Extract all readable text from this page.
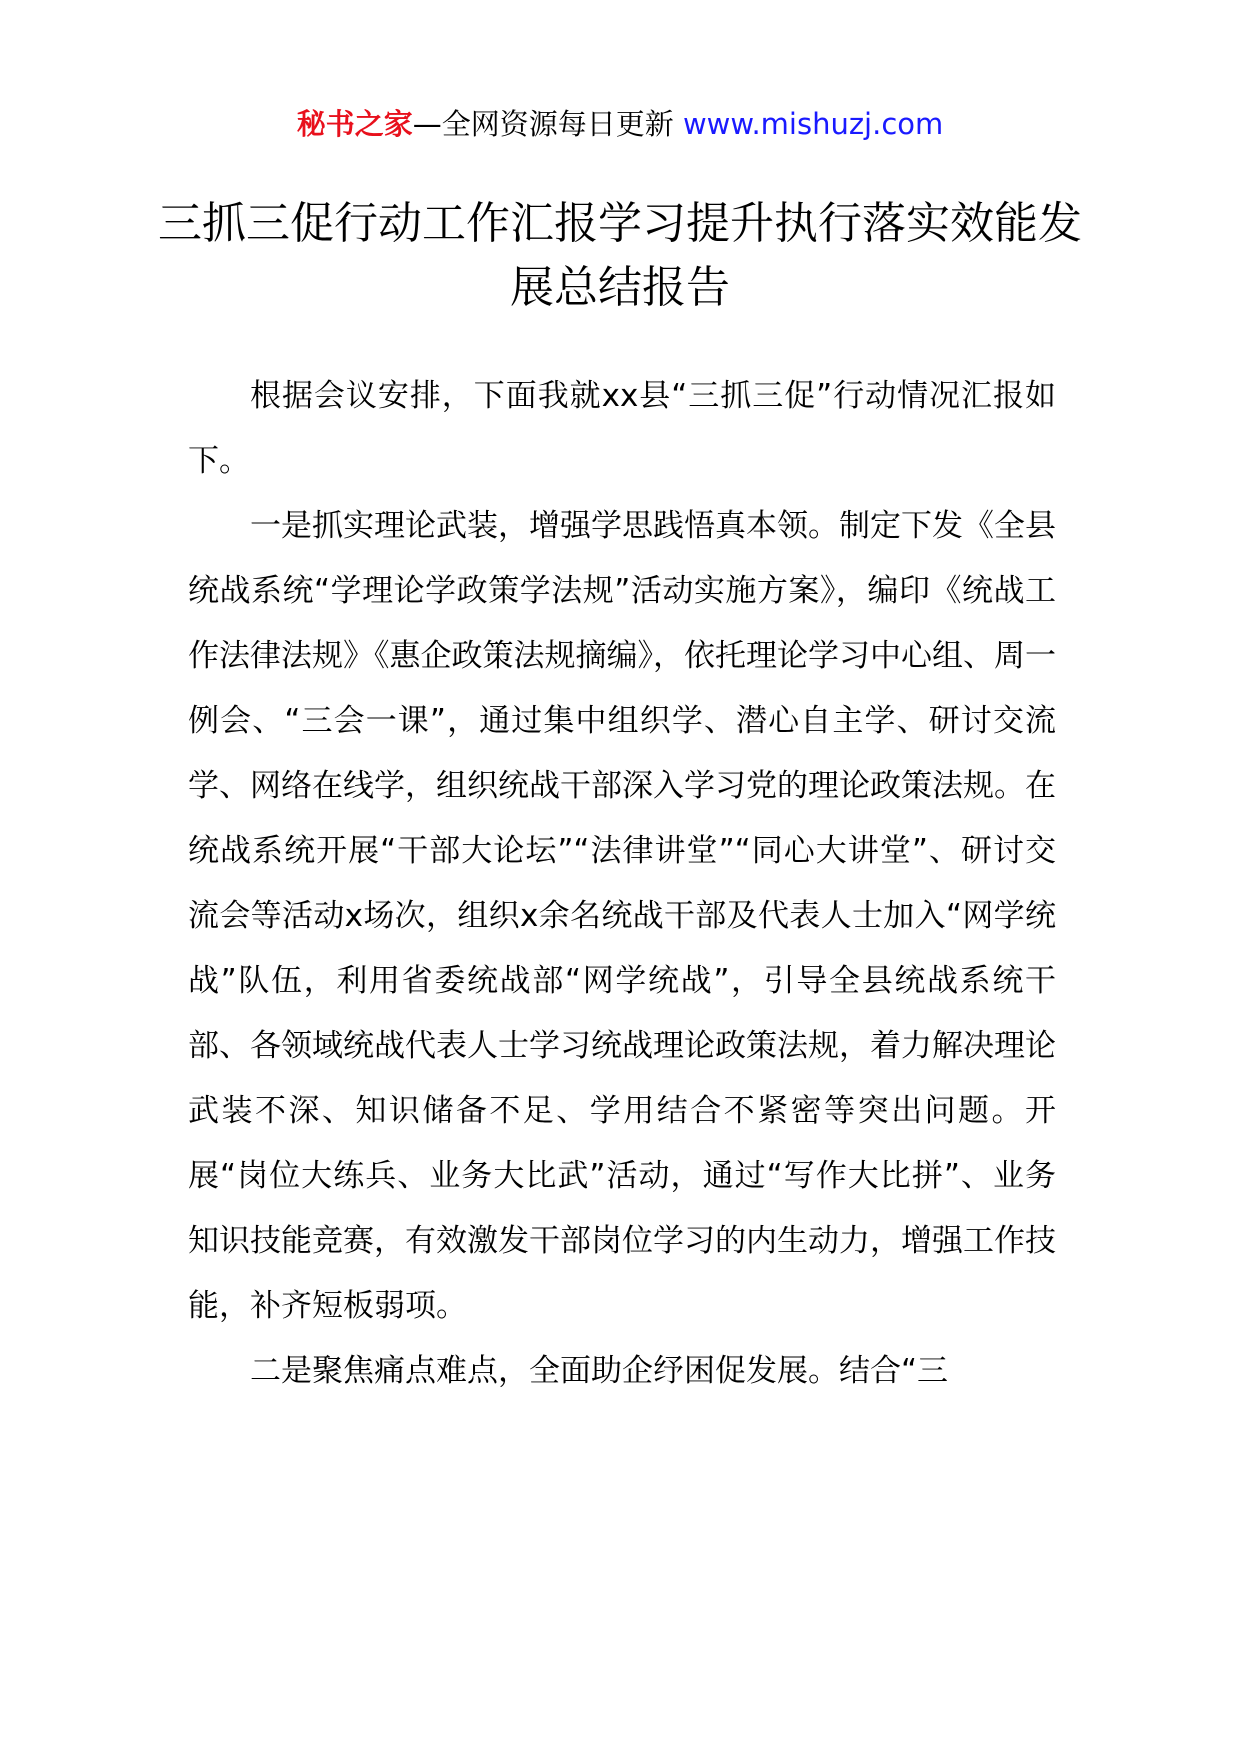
秘书之家—全网资源每日更新 www.mishuzj.com
三抓三促行动工作汇报学习提升执行落实效能发展总结报告

根据会议安排，下面我就xx县“三抓三促”行动情况汇报如下。

一是抓实理论武装，增强学思践悟真本领。制定下发《全县统战系统“学理论学政策学法规”活动实施方案》，编印《统战工作法律法规》《惠企政策法规摘编》，依托理论学习中心组、周一例会、“三会一课”，通过集中组织学、潜心自主学、研讨交流学、网络在线学，组织统战干部深入学习党的理论政策法规。在统战系统开展“干部大论坛”“法律讲堂”“同心大讲堂”、研讨交流会等活动x场次，组织x余名统战干部及代表人士加入“网学统战”队伍，利用省委统战部“网学统战”，引导全县统战系统干部、各领域统战代表人士学习统战理论政策法规，着力解决理论武装不深、知识储备不足、学用结合不紧密等突出问题。开展“岗位大练兵、业务大比武”活动，通过“写作大比拼”、业务知识技能竞赛，有效激发干部岗位学习的内生动力，增强工作技能，补齐短板弱项。

二是聚焦痛点难点，全面助企纾困促发展。结合“三
